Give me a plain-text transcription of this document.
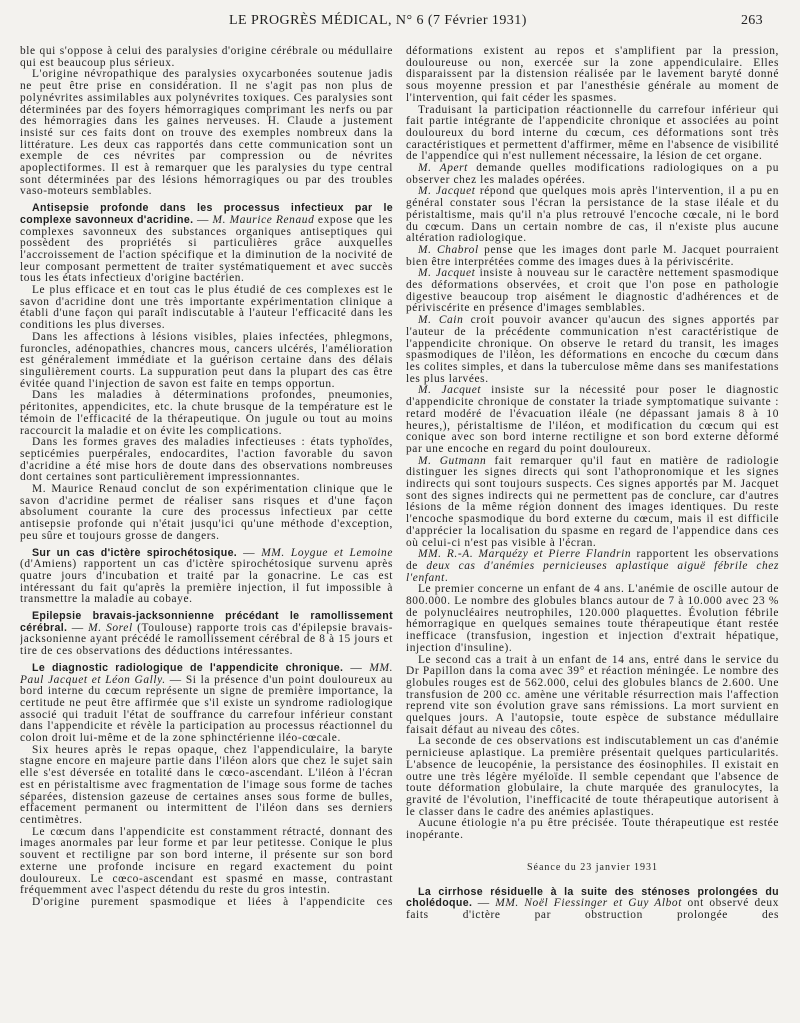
LE PROGRÈS MÉDICAL, N° 6 (7 Février 1931)	263

ble qui s'oppose à celui des paralysies d'origine cérébrale ou médullaire qui est beaucoup plus sérieux.

L'origine névropathique des paralysies oxycarbonées soutenue jadis ne peut être prise en considération. Il ne s'agit pas non plus de polynévrites assimilables aux polynévrites toxiques. Ces paralysies sont déterminées par des foyers hémorragiques comprimant les nerfs ou par des hémorragies dans les gaines nerveuses. H. Claude a justement insisté sur ces faits dont on trouve des exemples nombreux dans la littérature. Les deux cas rapportés dans cette communication sont un exemple de ces névrites par compression ou de névrites apoplectiformes. Il est à remarquer que les paralysies du type central sont déterminées par des lésions hémorragiques ou par des troubles vaso-moteurs semblables.

Antisepsie profonde dans les processus infectieux par le complexe savonneux d'acridine. — M. Maurice Renaud expose que les complexes savonneux des substances organiques antiseptiques qui possèdent des propriétés si particulières grâce auxquelles l'accroissement de l'action spécifique et la diminution de la nocivité de leur composant permettent de traiter systématiquement et avec succès tous les états infectieux d'origine bactérien.

Le plus efficace et en tout cas le plus étudié de ces complexes est le savon d'acridine dont une très importante expérimentation clinique a établi d'une façon qui paraît indiscutable à l'auteur l'efficacité dans les conditions les plus diverses.

Dans les affections à lésions visibles, plaies infectées, phlegmons, furoncles, adénopathies, chancres mous, cancers ulcérés, l'amélioration est généralement immédiate et la guérison certaine dans des délais singulièrement courts. La suppuration peut dans la plupart des cas être évitée quand l'injection de savon est faite en temps opportun.

Dans les maladies à déterminations profondes, pneumonies, péritonites, appendicites, etc. la chute brusque de la température est le témoin de l'efficacité de la thérapeutique. On jugule ou tout au moins raccourcit la maladie et on évite les complications.

Dans les formes graves des maladies infectieuses : états typhoïdes, septicémies puerpérales, endocardites, l'action favorable du savon d'acridine a été mise hors de doute dans des observations nombreuses dont certaines sont particulièrement impressionnantes.

M. Maurice Renaud conclut de son expérimentation clinique que le savon d'acridine permet de réaliser sans risques et d'une façon absolument courante la cure des processus infectieux par cette antisepsie profonde qui n'était jusqu'ici qu'une méthode d'exception, peu sûre et toujours grosse de dangers.

Sur un cas d'ictère spirochétosique. — MM. Loygue et Lemoine (d'Amiens) rapportent un cas d'ictère spirochétosique survenu après quatre jours d'incubation et traité par la gonacrine. Le cas est intéressant du fait qu'après la première injection, il fut impossible à transmettre la maladie au cobaye.

Epilepsie bravais-jacksonnienne précédant le ramollissement cérébral. — M. Sorel (Toulouse) rapporte trois cas d'épilepsie bravais-jacksonienne ayant précédé le ramollissement cérébral de 8 à 15 jours et tire de ces observations des déductions intéressantes.

Le diagnostic radiologique de l'appendicite chronique. — MM. Paul Jacquet et Léon Gally. — Si la présence d'un point douloureux au bord interne du cœcum représente un signe de première importance, la certitude ne peut être affirmée que s'il existe un syndrome radiologique associé qui traduit l'état de souffrance du carrefour inférieur constant dans l'appendicite et révèle la participation au processus réactionnel du colon droit lui-même et de la zone sphinctérienne iléo-cœcale.

Six heures après le repas opaque, chez l'appendiculaire, la baryte stagne encore en majeure partie dans l'iléon alors que chez le sujet sain elle s'est déversée en totalité dans le cœco-ascendant. L'iléon à l'écran est en péristaltisme avec fragmentation de l'image sous forme de taches séparées, distension gazeuse de certaines anses sous forme de bulles, effacement permanent ou intermittent de l'iléon dans ses derniers centimètres.

Le cœcum dans l'appendicite est constamment rétracté, donnant des images anormales par leur forme et par leur petitesse. Conique le plus souvent et rectiligne par son bord interne, il présente sur son bord externe une profonde incisure en regard exactement du point douloureux. Le cœco-ascendant est spasmé en masse, contrastant fréquemment avec l'aspect détendu du reste du gros intestin.

D'origine purement spasmodique et liées à l'appendicite ces

déformations existent au repos et s'amplifient par la pression, douloureuse ou non, exercée sur la zone appendiculaire. Elles disparaissent par la distension réalisée par le lavement baryté donné sous moyenne pression et par l'anesthésie générale au moment de l'intervention, qui fait céder les spasmes.

Traduisant la participation réactionnelle du carrefour inférieur qui fait partie intégrante de l'appendicite chronique et associées au point douloureux du bord interne du cœcum, ces déformations sont très caractéristiques et permettent d'affirmer, même en l'absence de visibilité de l'appendice qui n'est nullement nécessaire, la lésion de cet organe.

M. Apert demande quelles modifications radiologiques on a pu observer chez les malades opérées.

M. Jacquet répond que quelques mois après l'intervention, il a pu en général constater sous l'écran la persistance de la stase iléale et du péristaltisme, mais qu'il n'a plus retrouvé l'encoche cœcale, ni le bord du cœcum. Dans un certain nombre de cas, il n'existe plus aucune altération radiologique.

M. Chabrol pense que les images dont parle M. Jacquet pourraient bien être interprétées comme des images dues à la périviscérite.

M. Jacquet insiste à nouveau sur le caractère nettement spasmodique des déformations observées, et croit que l'on pose en pathologie digestive beaucoup trop aisément le diagnostic d'adhérences et de périviscérite en présence d'images semblables.

M. Cain croit pouvoir avancer qu'aucun des signes apportés par l'auteur de la précédente communication n'est caractéristique de l'appendicite chronique. On observe le retard du transit, les images spasmodiques de l'iléon, les déformations en encoche du cœcum dans les colites simples, et dans la tuberculose même dans ses manifestations les plus larvées.

M. Jacquet insiste sur la nécessité pour poser le diagnostic d'appendicite chronique de constater la triade symptomatique suivante : retard modéré de l'évacuation iléale (ne dépassant jamais 8 à 10 heures,), péristaltisme de l'iléon, et modification du cœcum qui est conique avec son bord interne rectiligne et son bord externe déformé par une encoche en regard du point douloureux.

M. Gutmann fait remarquer qu'il faut en matière de radiologie distinguer les signes directs qui sont l'athopronomique et les signes indirects qui sont toujours suspects. Ces signes apportés par M. Jacquet sont des signes indirects qui ne permettent pas de conclure, car d'autres lésions de la même région donnent des images identiques. Du reste l'encoche spasmodique du bord externe du cœcum, mais il est difficile d'apprécier la localisation du spasme en regard de l'appendice dans ces où celui-ci n'est pas visible à l'écran.

MM. R.-A. Marquézy et Pierre Flandrin rapportent les observations de deux cas d'anémies pernicieuses aplastique aiguë fébrile chez l'enfant.

Le premier concerne un enfant de 4 ans. L'anémie de oscille autour de 800.000. Le nombre des globules blancs autour de 7 à 10.000 avec 23 % de polynucléaires neutrophiles, 120.000 plaquettes. Évolution fébrile hémorragique en quelques semaines toute thérapeutique étant restée inefficace (transfusion, ingestion et injection d'extrait hépatique, injection d'insuline).

Le second cas a trait à un enfant de 14 ans, entré dans le service du Dr Papillon dans la coma avec 39° et réaction méningée. Le nombre des globules rouges est de 562.000, celui des globules blancs de 2.600. Une transfusion de 200 cc. amène une véritable résurrection mais l'affection reprend vite son évolution grave sans rémissions. La mort survient en quelques jours. A l'autopsie, toute espèce de substance médullaire faisait défaut au niveau des côtes.

La seconde de ces observations est indiscutablement un cas d'anémie pernicieuse aplastique. La première présentait quelques particularités. L'absence de leucopénie, la persistance des éosinophiles. Il existait en outre une très légère myéloïde. Il semble cependant que l'absence de toute déformation globulaire, la chute marquée des granulocytes, la gravité de l'évolution, l'inefficacité de toute thérapeutique autorisent à le classer dans le cadre des anémies aplastiques.

Aucune étiologie n'a pu être précisée. Toute thérapeutique est restée inopérante.

Séance du 23 janvier 1931

La cirrhose résiduelle à la suite des sténoses prolongées du cholédoque. — MM. Noël Fiessinger et Guy Albot ont observé deux faits d'ictère par obstruction prolongée des
